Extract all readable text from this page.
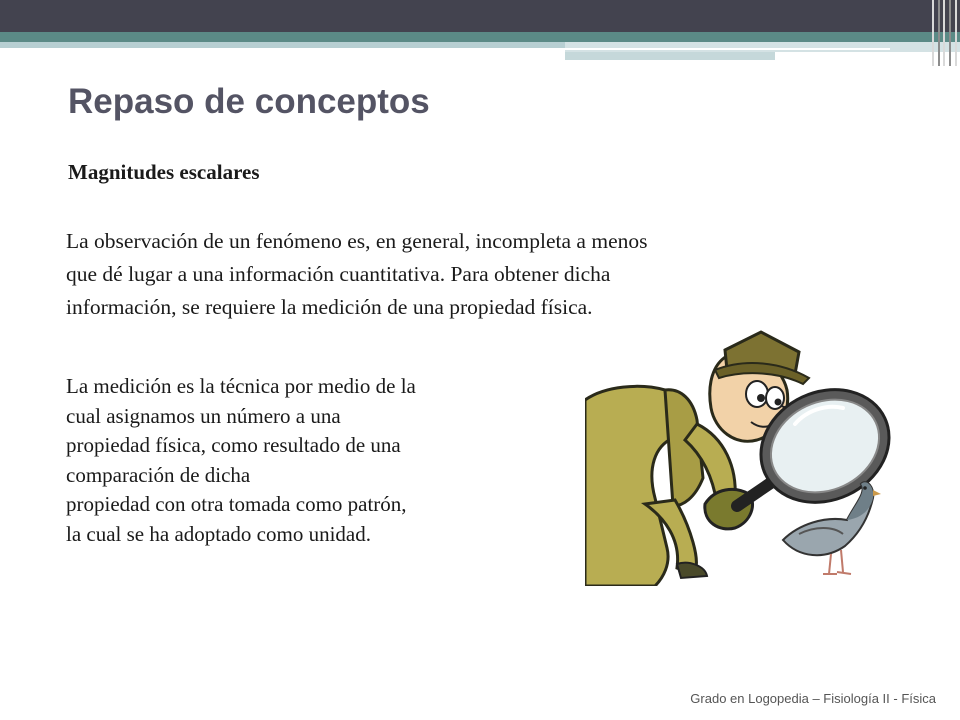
Repaso de conceptos
Magnitudes escalares

La observación de un fenómeno es, en general, incompleta a menos
que dé lugar a una información cuantitativa. Para obtener dicha
información, se requiere la medición de una propiedad física.

La medición es la técnica por medio de la
cual asignamos un número a una
propiedad física, como resultado de una
comparación de dicha
propiedad con otra tomada como patrón,
la cual se ha adoptado como unidad.

Grado en Logopedia – Fisiología II - Física
